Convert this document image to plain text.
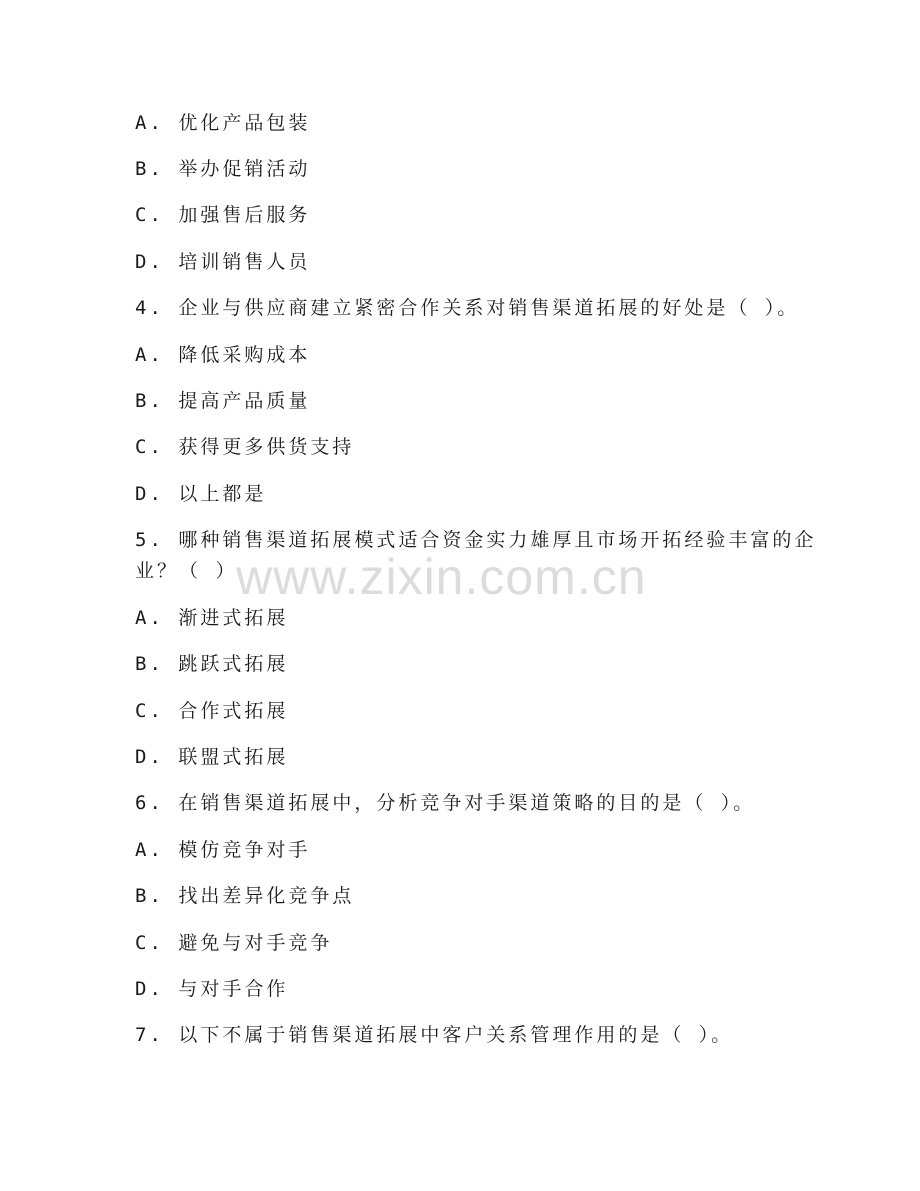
www.zixin.com.cn
A. 优化产品包装
B. 举办促销活动
C. 加强售后服务
D. 培训销售人员
4. 企业与供应商建立紧密合作关系对销售渠道拓展的好处是（ ）。
A. 降低采购成本
B. 提高产品质量
C. 获得更多供货支持
D. 以上都是
5. 哪种销售渠道拓展模式适合资金实力雄厚且市场开拓经验丰富的企
业？（ ）
A. 渐进式拓展
B. 跳跃式拓展
C. 合作式拓展
D. 联盟式拓展
6. 在销售渠道拓展中，分析竞争对手渠道策略的目的是（ ）。
A. 模仿竞争对手
B. 找出差异化竞争点
C. 避免与对手竞争
D. 与对手合作
7. 以下不属于销售渠道拓展中客户关系管理作用的是（ ）。
